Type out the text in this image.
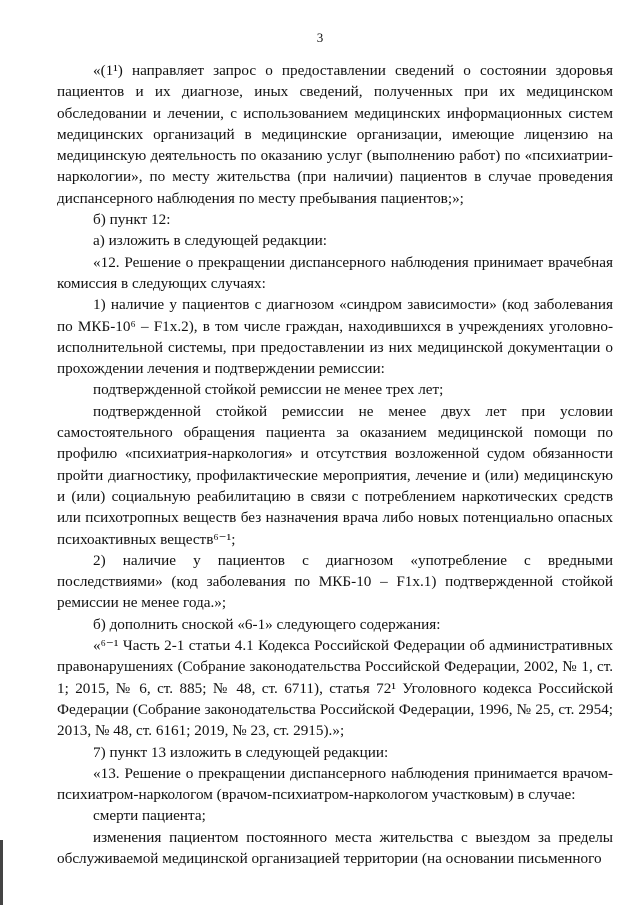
3

«(1¹) направляет запрос о предоставлении сведений о состоянии здоровья пациентов и их диагнозе, иных сведений, полученных при их медицинском обследовании и лечении, с использованием медицинских информационных систем медицинских организаций в медицинские организации, имеющие лицензию на медицинскую деятельность по оказанию услуг (выполнению работ) по «психиатрии-наркологии», по месту жительства (при наличии) пациентов в случае проведения диспансерного наблюдения по месту пребывания пациентов;»;

б) пункт 12:

а) изложить в следующей редакции:

«12. Решение о прекращении диспансерного наблюдения принимает врачебная комиссия в следующих случаях:

1) наличие у пациентов с диагнозом «синдром зависимости» (код заболевания по МКБ-10⁶ – F1x.2), в том числе граждан, находившихся в учреждениях уголовно-исполнительной системы, при предоставлении из них медицинской документации о прохождении лечения и подтверждении ремиссии:

подтвержденной стойкой ремиссии не менее трех лет;

подтвержденной стойкой ремиссии не менее двух лет при условии самостоятельного обращения пациента за оказанием медицинской помощи по профилю «психиатрия-наркология» и отсутствия возложенной судом обязанности пройти диагностику, профилактические мероприятия, лечение и (или) медицинскую и (или) социальную реабилитацию в связи с потреблением наркотических средств или психотропных веществ без назначения врача либо новых потенциально опасных психоактивных веществ⁶⁻¹;

2) наличие у пациентов с диагнозом «употребление с вредными последствиями» (код заболевания по МКБ-10 – F1x.1) подтвержденной стойкой ремиссии не менее года.»;

б) дополнить сноской «6-1» следующего содержания:

«⁶⁻¹ Часть 2-1 статьи 4.1 Кодекса Российской Федерации об административных правонарушениях (Собрание законодательства Российской Федерации, 2002, № 1, ст. 1; 2015, № 6, ст. 885; № 48, ст. 6711), статья 72¹ Уголовного кодекса Российской Федерации (Собрание законодательства Российской Федерации, 1996, № 25, ст. 2954; 2013, № 48, ст. 6161; 2019, № 23, ст. 2915).»;

7) пункт 13 изложить в следующей редакции:

«13. Решение о прекращении диспансерного наблюдения принимается врачом-психиатром-наркологом (врачом-психиатром-наркологом участковым) в случае:

смерти пациента;

изменения пациентом постоянного места жительства с выездом за пределы обслуживаемой медицинской организацией территории (на основании письменного
